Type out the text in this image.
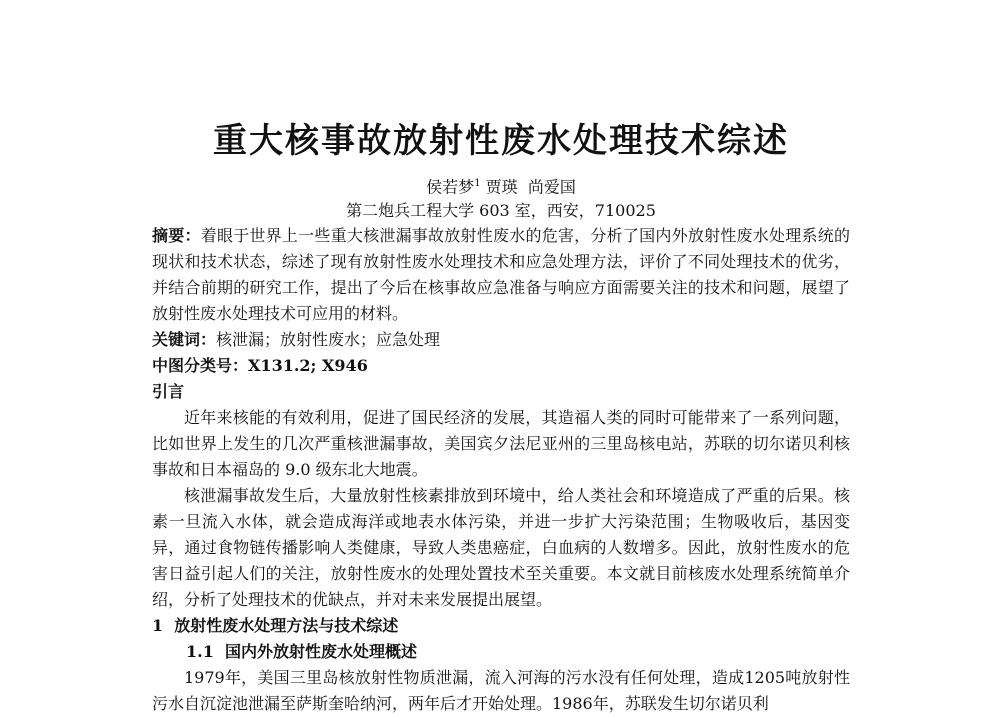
重大核事故放射性废水处理技术综述
侯若梦$^1$ 贾瑛  尚爱国
第二炮兵工程大学 603 室，西安，710025

摘要：着眼于世界上一些重大核泄漏事故放射性废水的危害，分析了国内外放射性废水处理系统的现状和技术状态，综述了现有放射性废水处理技术和应急处理方法，评价了不同处理技术的优劣，并结合前期的研究工作，提出了今后在核事故应急准备与响应方面需要关注的技术和问题，展望了放射性废水处理技术可应用的材料。

关键词：核泄漏；放射性废水；应急处理

中图分类号：X131.2; X946

引言

近年来核能的有效利用，促进了国民经济的发展，其造福人类的同时可能带来了一系列问题，比如世界上发生的几次严重核泄漏事故，美国宾夕法尼亚州的三里岛核电站，苏联的切尔诺贝利核事故和日本福岛的 9.0 级东北大地震。

核泄漏事故发生后，大量放射性核素排放到环境中，给人类社会和环境造成了严重的后果。核素一旦流入水体，就会造成海洋或地表水体污染，并进一步扩大污染范围；生物吸收后，基因变异，通过食物链传播影响人类健康，导致人类患癌症，白血病的人数增多。因此，放射性废水的危害日益引起人们的关注，放射性废水的处理处置技术至关重要。本文就目前核废水处理系统简单介绍，分析了处理技术的优缺点，并对未来发展提出展望。

1  放射性废水处理方法与技术综述
1.1  国内外放射性废水处理概述

1979年，美国三里岛核放射性物质泄漏，流入河海的污水没有任何处理，造成1205吨放射性污水自沉淀池泄漏至萨斯奎哈纳河，两年后才开始处理。1986年，苏联发生切尔诺贝利
